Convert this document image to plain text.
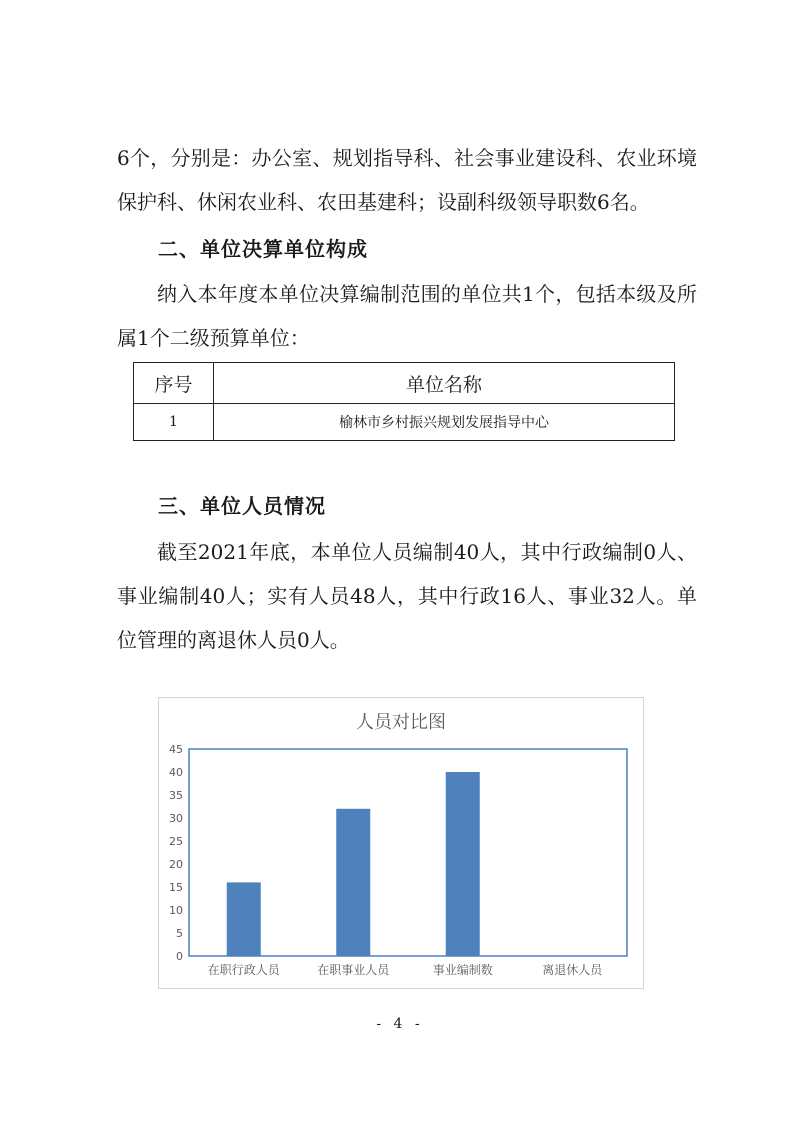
6个，分别是：办公室、规划指导科、社会事业建设科、农业环境保护科、休闲农业科、农田基建科；设副科级领导职数6名。

二、单位决算单位构成

纳入本年度本单位决算编制范围的单位共1个，包括本级及所属1个二级预算单位：

序号	单位名称
1	榆林市乡村振兴规划发展指导中心

三、单位人员情况

截至2021年底，本单位人员编制40人，其中行政编制0人、事业编制40人；实有人员48人，其中行政16人、事业32人。单位管理的离退休人员0人。

人员对比图
0
5
10
15
20
25
30
35
40
45
在职行政人员	在职事业人员	事业编制数	离退休人员
- 4 -
